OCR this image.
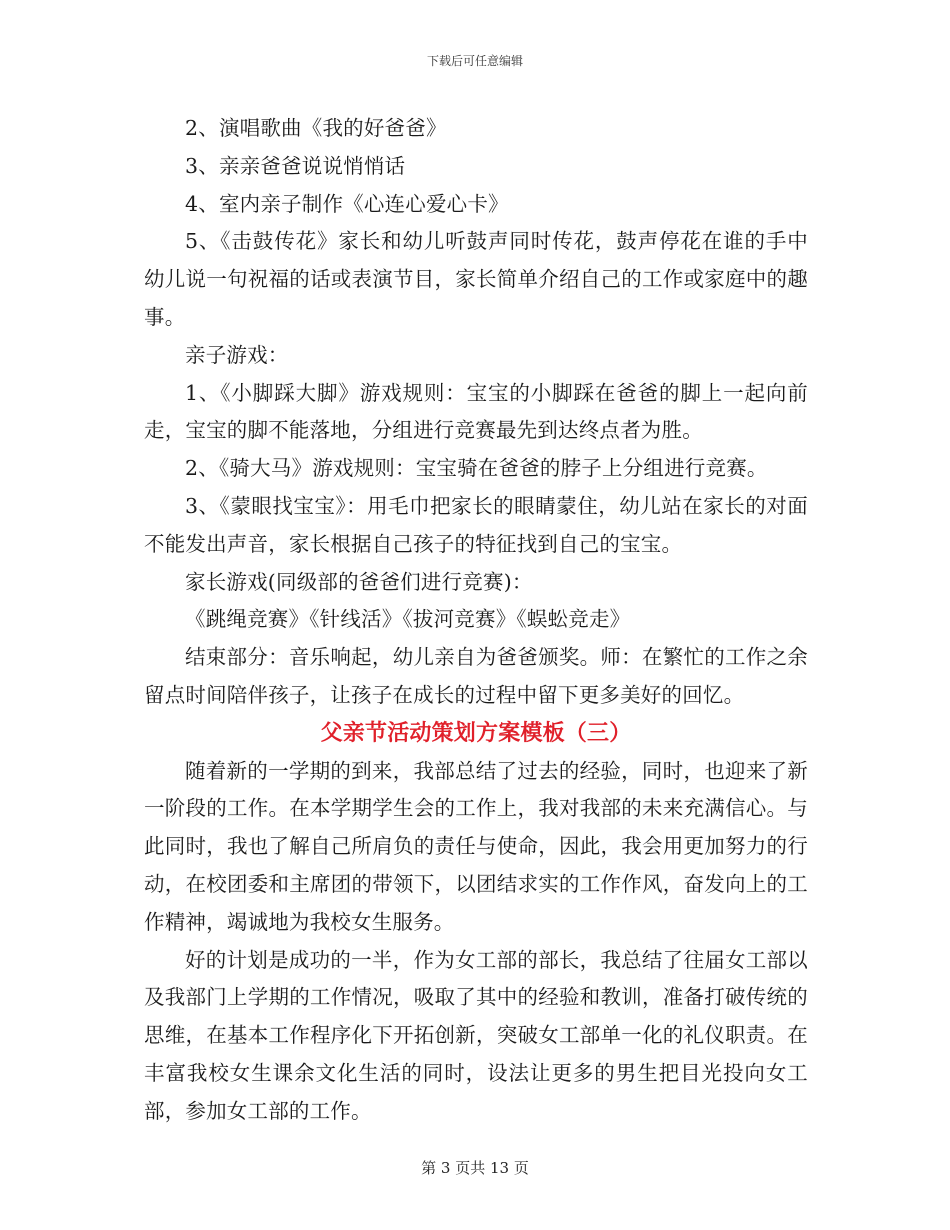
下载后可任意编辑

2、演唱歌曲《我的好爸爸》

3、亲亲爸爸说说悄悄话

4、室内亲子制作《心连心爱心卡》

5、《击鼓传花》家长和幼儿听鼓声同时传花，鼓声停花在谁的手中幼儿说一句祝福的话或表演节目，家长简单介绍自己的工作或家庭中的趣事。

亲子游戏：

1、《小脚踩大脚》游戏规则：宝宝的小脚踩在爸爸的脚上一起向前走，宝宝的脚不能落地，分组进行竞赛最先到达终点者为胜。

2、《骑大马》游戏规则：宝宝骑在爸爸的脖子上分组进行竞赛。

3、《蒙眼找宝宝》：用毛巾把家长的眼睛蒙住，幼儿站在家长的对面不能发出声音，家长根据自己孩子的特征找到自己的宝宝。

家长游戏(同级部的爸爸们进行竞赛)：

《跳绳竞赛》《针线活》《拔河竞赛》《蜈蚣竞走》

结束部分：音乐响起，幼儿亲自为爸爸颁奖。师：在繁忙的工作之余留点时间陪伴孩子，让孩子在成长的过程中留下更多美好的回忆。

父亲节活动策划方案模板（三）

随着新的一学期的到来，我部总结了过去的经验，同时，也迎来了新一阶段的工作。在本学期学生会的工作上，我对我部的未来充满信心。与此同时，我也了解自己所肩负的责任与使命，因此，我会用更加努力的行动，在校团委和主席团的带领下，以团结求实的工作作风，奋发向上的工作精神，竭诚地为我校女生服务。

好的计划是成功的一半，作为女工部的部长，我总结了往届女工部以及我部门上学期的工作情况，吸取了其中的经验和教训，准备打破传统的思维，在基本工作程序化下开拓创新，突破女工部单一化的礼仪职责。在丰富我校女生课余文化生活的同时，设法让更多的男生把目光投向女工部，参加女工部的工作。

第 3 页共 13 页
